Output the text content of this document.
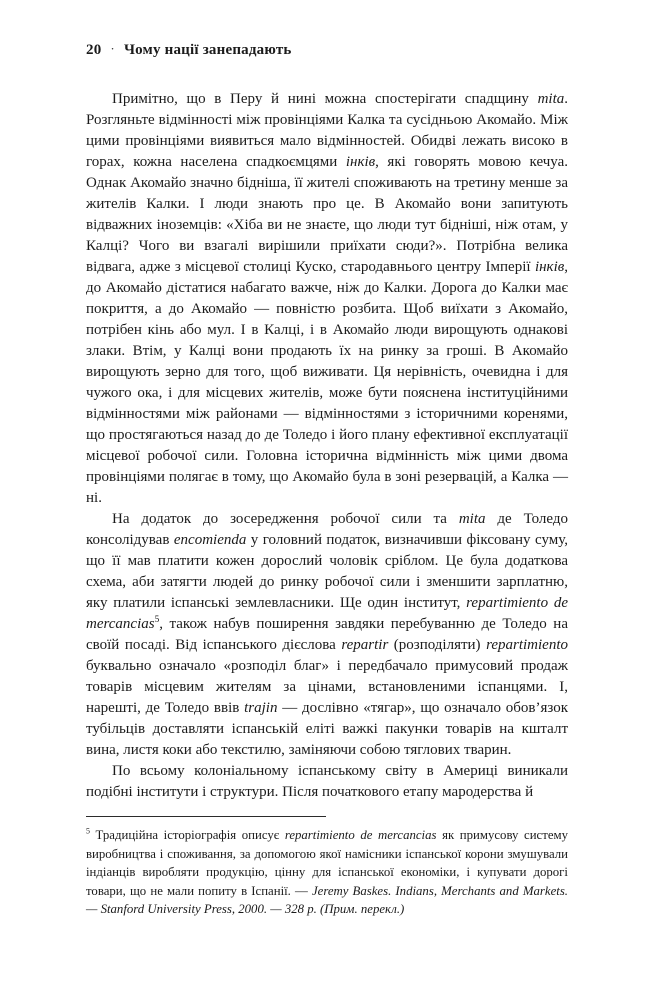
20 · Чому нації занепадають

Примітно, що в Перу й нині можна спостерігати спадщину mita. Розгляньте відмінності між провінціями Калка та сусідньою Акомайо. Між цими провінціями виявиться мало відмінностей. Обидві лежать високо в горах, кожна населена спадкоємцями інків, які говорять мовою кечуа. Однак Акомайо значно бідніша, її жителі споживають на третину менше за жителів Калки. І люди знають про це. В Акомайо вони запитують відважних іноземців: «Хіба ви не знаєте, що люди тут бідніші, ніж отам, у Калці? Чого ви взагалі вирішили приїхати сюди?». Потрібна велика відвага, адже з місцевої столиці Куско, стародавнього центру Імперії інків, до Акомайо дістатися набагато важче, ніж до Калки. Дорога до Калки має покриття, а до Акомайо — повністю розбита. Щоб виїхати з Акомайо, потрібен кінь або мул. І в Калці, і в Акомайо люди вирощують однакові злаки. Втім, у Калці вони продають їх на ринку за гроші. В Акомайо вирощують зерно для того, щоб виживати. Ця нерівність, очевидна і для чужого ока, і для місцевих жителів, може бути пояснена інституційними відмінностями між районами — відмінностями з історичними коренями, що простягаються назад до де Толедо і його плану ефективної експлуатації місцевої робочої сили. Головна історична відмінність між цими двома провінціями полягає в тому, що Акомайо була в зоні резервацій, а Калка — ні.

На додаток до зосередження робочої сили та mita де Толедо консолідував encomienda у головний податок, визначивши фіксовану суму, що її мав платити кожен дорослий чоловік сріблом. Це була додаткова схема, аби затягти людей до ринку робочої сили і зменшити зарплатню, яку платили іспанські землевласники. Ще один інститут, repartimiento de mercancias$^5$, також набув поширення завдяки перебуванню де Толедо на своїй посаді. Від іспанського дієслова repartir (розподіляти) repartimiento буквально означало «розподіл благ» і передбачало примусовий продаж товарів місцевим жителям за цінами, встановленими іспанцями. І, нарешті, де Толедо ввів trajin — дослівно «тягар», що означало обов’язок тубільців доставляти іспанській еліті важкі пакунки товарів на кшталт вина, листя коки або текстилю, заміняючи собою тяглових тварин.

По всьому колоніальному іспанському світу в Америці виникали подібні інститути і структури. Після початкового етапу мародерства й

$^5$ Традиційна історіографія описує repartimiento de mercancias як примусову систему виробництва і споживання, за допомогою якої намісники іспанської корони змушували індіанців виробляти продукцію, цінну для іспанської економіки, і купувати дорогі товари, що не мали попиту в Іспанії. — Jeremy Baskes. Indians, Merchants and Markets. — Stanford University Press, 2000. — 328 p. (Прим. перекл.)
